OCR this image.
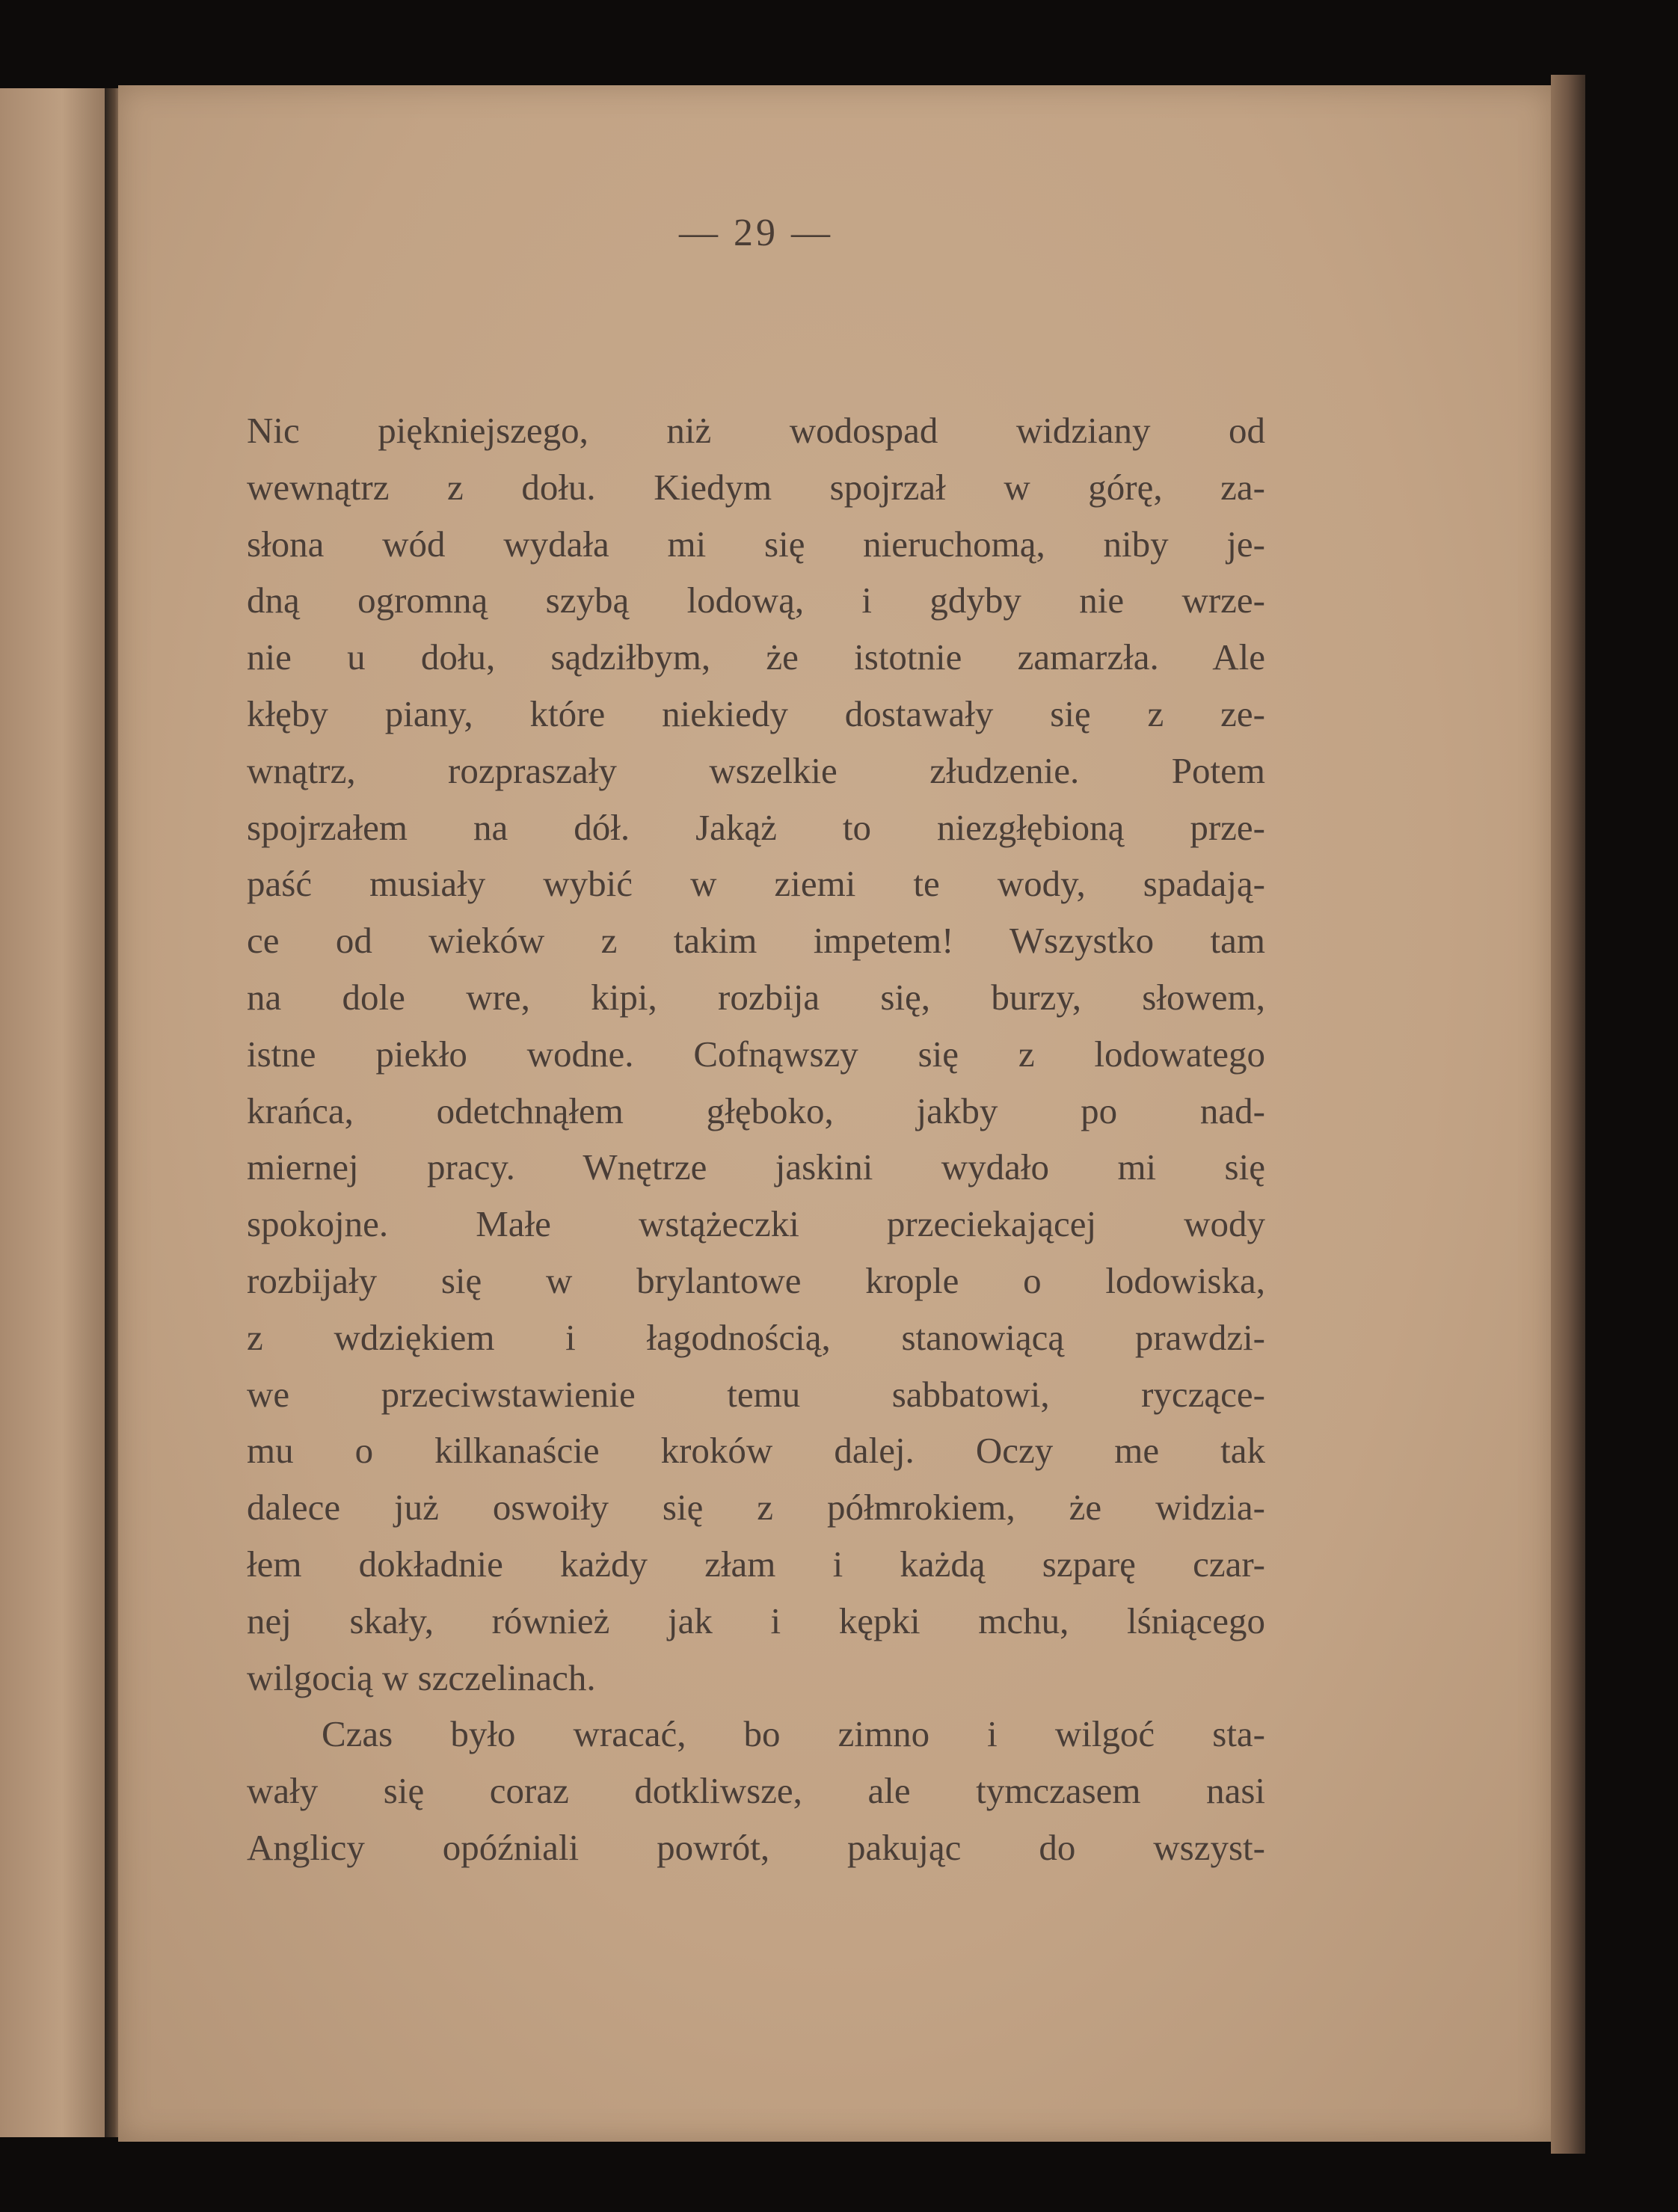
— 29 —
Nic piękniejszego, niż wodospad widziany od
wewnątrz z dołu. Kiedym spojrzał w górę, za-
słona wód wydała mi się nieruchomą, niby je-
dną ogromną szybą lodową, i gdyby nie wrze-
nie u dołu, sądziłbym, że istotnie zamarzła. Ale
kłęby piany, które niekiedy dostawały się z ze-
wnątrz, rozpraszały wszelkie złudzenie. Potem
spojrzałem na dół. Jakąż to niezgłębioną prze-
paść musiały wybić w ziemi te wody, spadają-
ce od wieków z takim impetem! Wszystko tam
na dole wre, kipi, rozbija się, burzy, słowem,
istne piekło wodne. Cofnąwszy się z lodowatego
krańca, odetchnąłem głęboko, jakby po nad-
miernej pracy. Wnętrze jaskini wydało mi się
spokojne. Małe wstążeczki przeciekającej wody
rozbijały się w brylantowe krople o lodowiska,
z wdziękiem i łagodnością, stanowiącą prawdzi-
we przeciwstawienie temu sabbatowi, ryczące-
mu o kilkanaście kroków dalej. Oczy me tak
dalece już oswoiły się z półmrokiem, że widzia-
łem dokładnie każdy złam i każdą szparę czar-
nej skały, również jak i kępki mchu, lśniącego
wilgocią w szczelinach.
Czas było wracać, bo zimno i wilgoć sta-
wały się coraz dotkliwsze, ale tymczasem nasi
Anglicy opóźniali powrót, pakując do wszyst-
